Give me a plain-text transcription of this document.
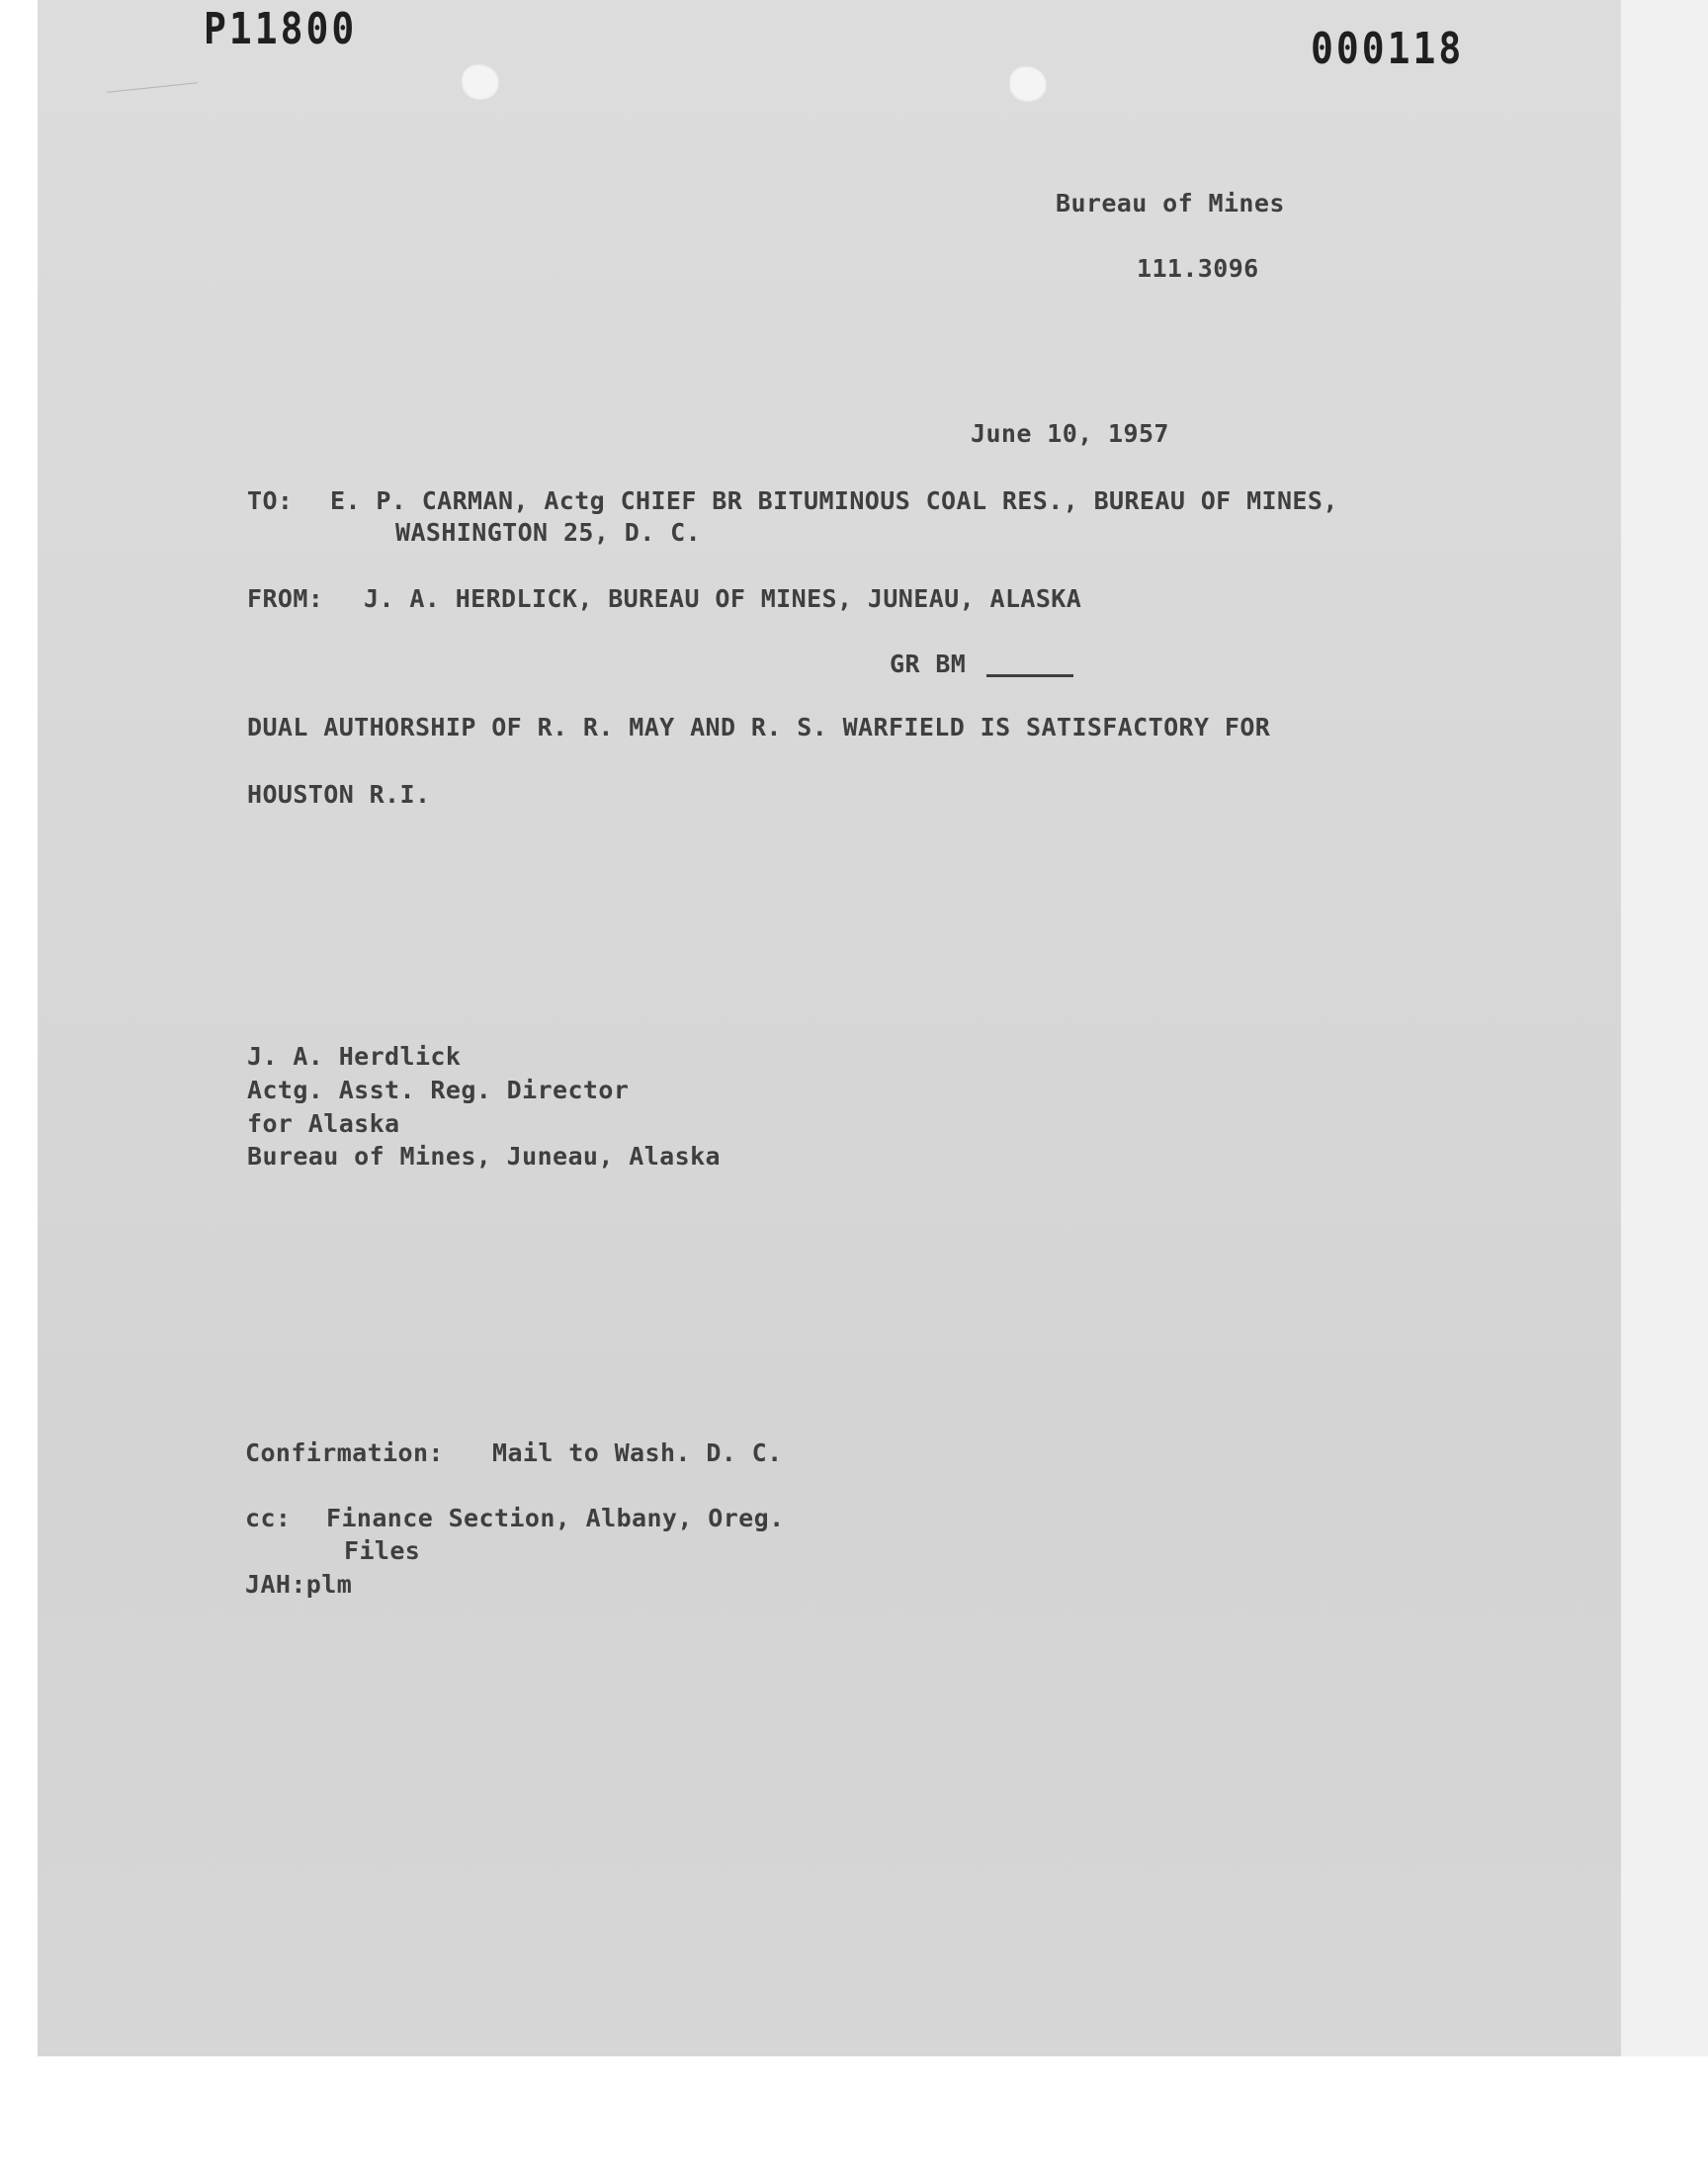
P11800	000118
Bureau of Mines
111.3096
June 10, 1957
TO: E. P. CARMAN, Actg CHIEF BR BITUMINOUS COAL RES., BUREAU OF MINES,
WASHINGTON 25, D. C.
FROM: J. A. HERDLICK, BUREAU OF MINES, JUNEAU, ALASKA
GR BM
DUAL AUTHORSHIP OF R. R. MAY AND R. S. WARFIELD IS SATISFACTORY FOR
HOUSTON R.I.
J. A. Herdlick
Actg. Asst. Reg. Director
for Alaska
Bureau of Mines, Juneau, Alaska
Confirmation: Mail to Wash. D. C.
cc: Finance Section, Albany, Oreg.
Files
JAH:plm
